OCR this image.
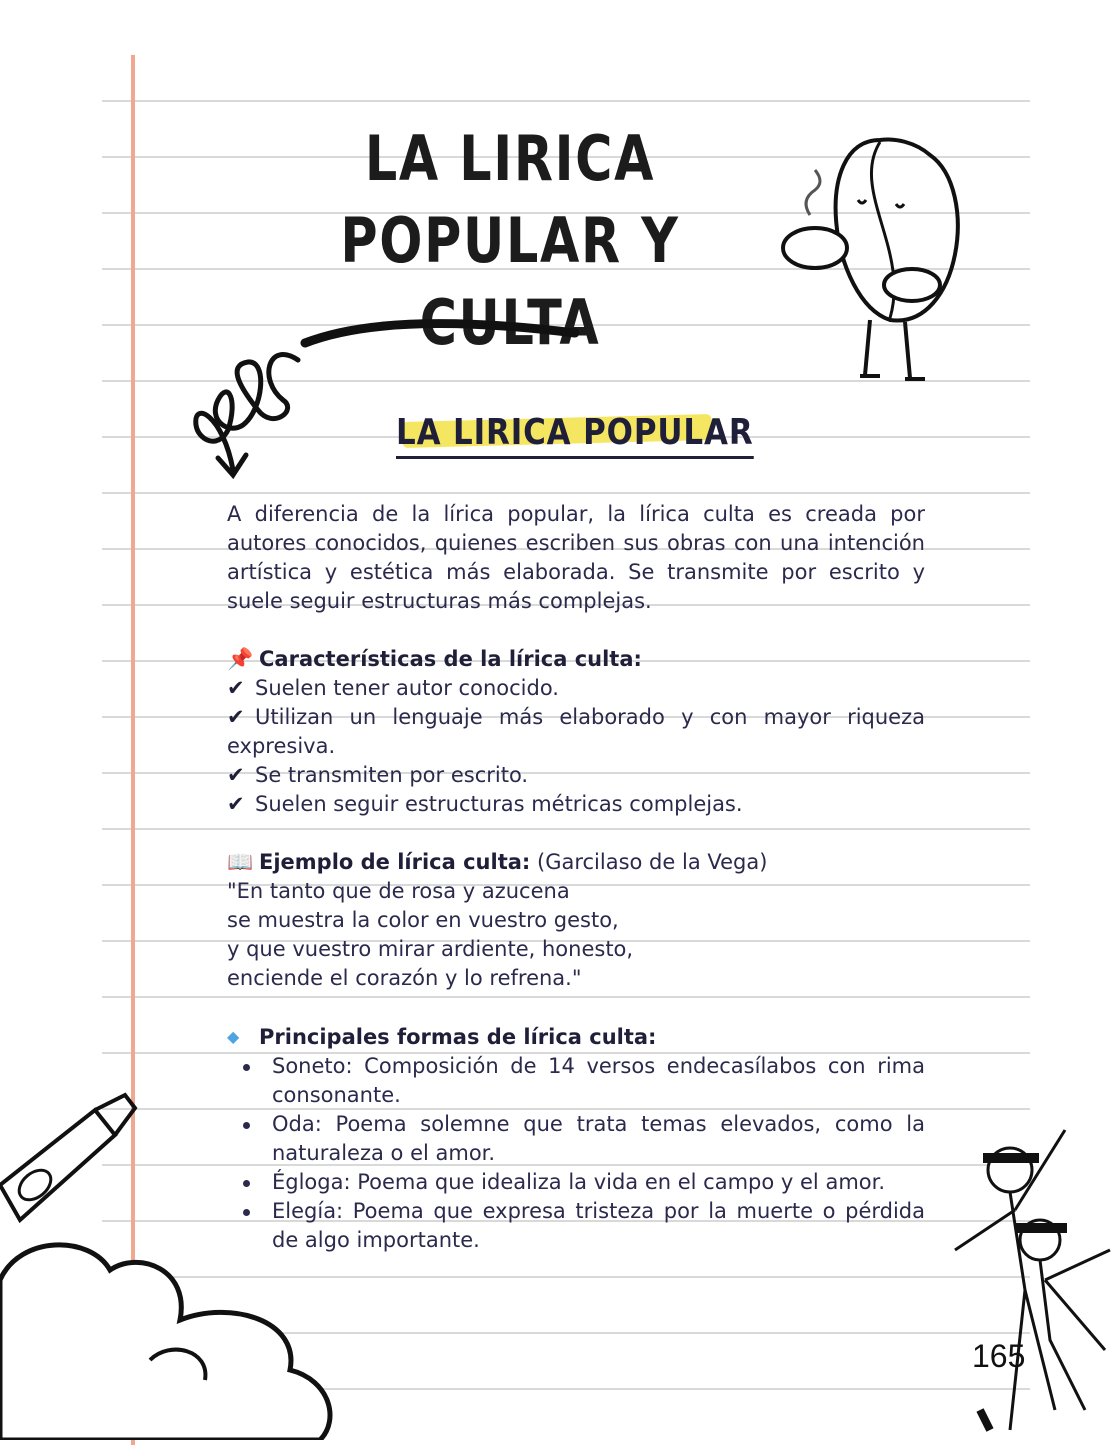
LA LIRICA POPULAR Y CULTA
LA LIRICA POPULAR

A diferencia de la lírica popular, la lírica culta es creada por autores conocidos, quienes escriben sus obras con una intención artística y estética más elaborada. Se transmite por escrito y suele seguir estructuras más complejas.

📌 Características de la lírica culta:

✔ Suelen tener autor conocido.

✔ Utilizan un lenguaje más elaborado y con mayor riqueza expresiva.

✔ Se transmiten por escrito.

✔ Suelen seguir estructuras métricas complejas.

📖 Ejemplo de lírica culta: (Garcilaso de la Vega)

"En tanto que de rosa y azucena

se muestra la color en vuestro gesto,

y que vuestro mirar ardiente, honesto,

enciende el corazón y lo refrena."

◆ Principales formas de lírica culta:

Soneto: Composición de 14 versos endecasílabos con rima consonante.
Oda: Poema solemne que trata temas elevados, como la naturaleza o el amor.
Égloga: Poema que idealiza la vida en el campo y el amor.
Elegía: Poema que expresa tristeza por la muerte o pérdida de algo importante.
165
